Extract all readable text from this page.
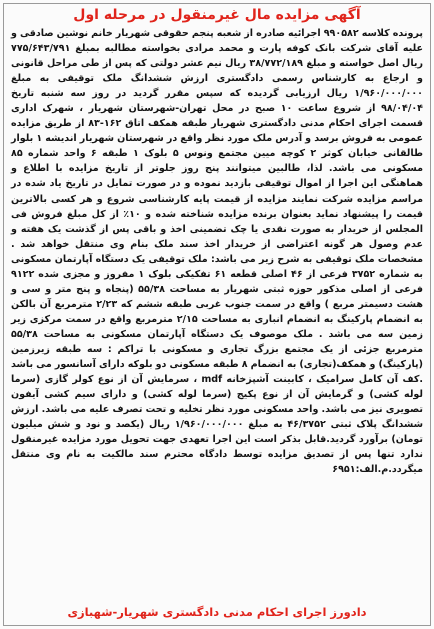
آگهی مزایده مال غیرمنقول در مرحله اول

پرونده کلاسه ۹۹۰۵۸۲ اجرائیه صادره از شعبه پنجم حقوقی شهریار خانم نوشین صادقی و علیه آقای شرکت بانک کوفه پارت و محمد مرادی بخواسته مطالبه بمبلغ ۷۷۵/۶۴۳/۷۹۱ ریال اصل خواسته و مبلغ ۳۸/۷۷۲/۱۸۹ ریال نیم عشر دولتی که پس از طی مراحل قانونی و ارجاع به کارشناس رسمی دادگستری ارزش ششدانگ ملک توقیفی به مبلغ ۱/۹۶۰/۰۰۰/۰۰۰ ریال ارزیابی گردیده که سپس مقرر گردید در روز سه شنبه تاریخ ۹۸/۰۴/۰۴ از شروع ساعت ۱۰ صبح در محل تهران-شهرستان شهریار ، شهرک اداری قسمت اجرای احکام مدنی دادگستری شهریار طبقه همکف اتاق ۱۶۲-۸۳ از طریق مزایده عمومی به فروش برسد و آدرس ملک مورد نظر واقع در شهرستان شهریار اندیشه ۱ بلوار طالقانی خیابان کوثر ۲ کوچه میین مجتمع ونوس ۵ بلوک ۱ طبقه ۶ واحد شماره ۸۵ مسکونی می باشد. لذا، طالبین میتوانند پنج روز جلوتر از تاریخ مزایده با اطلاع و هماهنگی این اجرا از اموال توقیفی بازدید نموده و در صورت تمایل در تاریخ یاد شده در مراسم مزایده شرکت نمایند مزایده از قیمت پایه کارشناسی شروع و هر کسی بالاترین قیمت را پیشنهاد نماید بعنوان برنده مزایده شناخته شده و ۱۰٪ از کل مبلغ فروش فی المجلس از خریدار به صورت نقدی یا چک تضمینی اخذ و باقی پس از گذشت یک هفته و عدم وصول هر گونه اعتراضی از خریدار اخذ سند ملک بنام وی منتقل خواهد شد . مشخصات ملک توقیفی به شرح زیر می باشد: ملک توقیفی یک دستگاه آپارتمان مسکونی به شماره ۳۷۵۲ فرعی از ۴۶ اصلی قطعه ۶۱ تفکیکی بلوک ۱ مفروز و مجزی شده ۹۱۲۲ فرعی از اصلی مذکور حوزه ثبتی شهریار به مساحت ۵۵/۳۸ (پنجاه و پنج متر و سی و هشت دسیمتر مربع ) واقع در سمت جنوب غربی طبقه ششم که ۲/۲۳ مترمربع آن بالکن به انضمام پارکینگ به انضمام انباری به مساحت ۲/۱۵ مترمربع واقع در سمت مرکزی زیر زمین سه می باشد . ملک موصوف یک دستگاه آپارتمان مسکونی به مساحت ۵۵/۳۸ مترمربع جزئی از یک مجتمع بزرگ تجاری و مسکونی با تراکم : سه طبقه زیرزمین (پارکینگ) و همکف(تجاری) به انضمام ۸ طبقه مسکونی دو بلوکه دارای آسانسور می باشد .کف آن کامل سرامیک ، کابینت آشپزخانه mdf ، سرمایش آن از نوع کولر گازی (سرما لوله کشی) و گرمایش آن از نوع پکیج (سرما لوله کشی) و دارای سیم کشی آیفون تصویری نیز می باشد. واحد مسکونی مورد نظر تخلیه و تحت تصرف علیه می باشد. ارزش ششدانگ پلاک ثبتی ۴۶/۳۷۵۲ به مبلغ ۱/۹۶۰/۰۰۰/۰۰۰ ریال (یکصد و نود و شش میلیون تومان) برآورد گردید.قابل بذکر است این اجرا تعهدی جهت تحویل مورد مزایده غیرمنقول ندارد تنها پس از تصدیق مزایده توسط دادگاه محترم سند مالکیت به نام وی منتقل میگردد.م.الف:۶۹۵۱

دادورز اجرای احکام مدنی دادگستری شهریار-شهبازی
